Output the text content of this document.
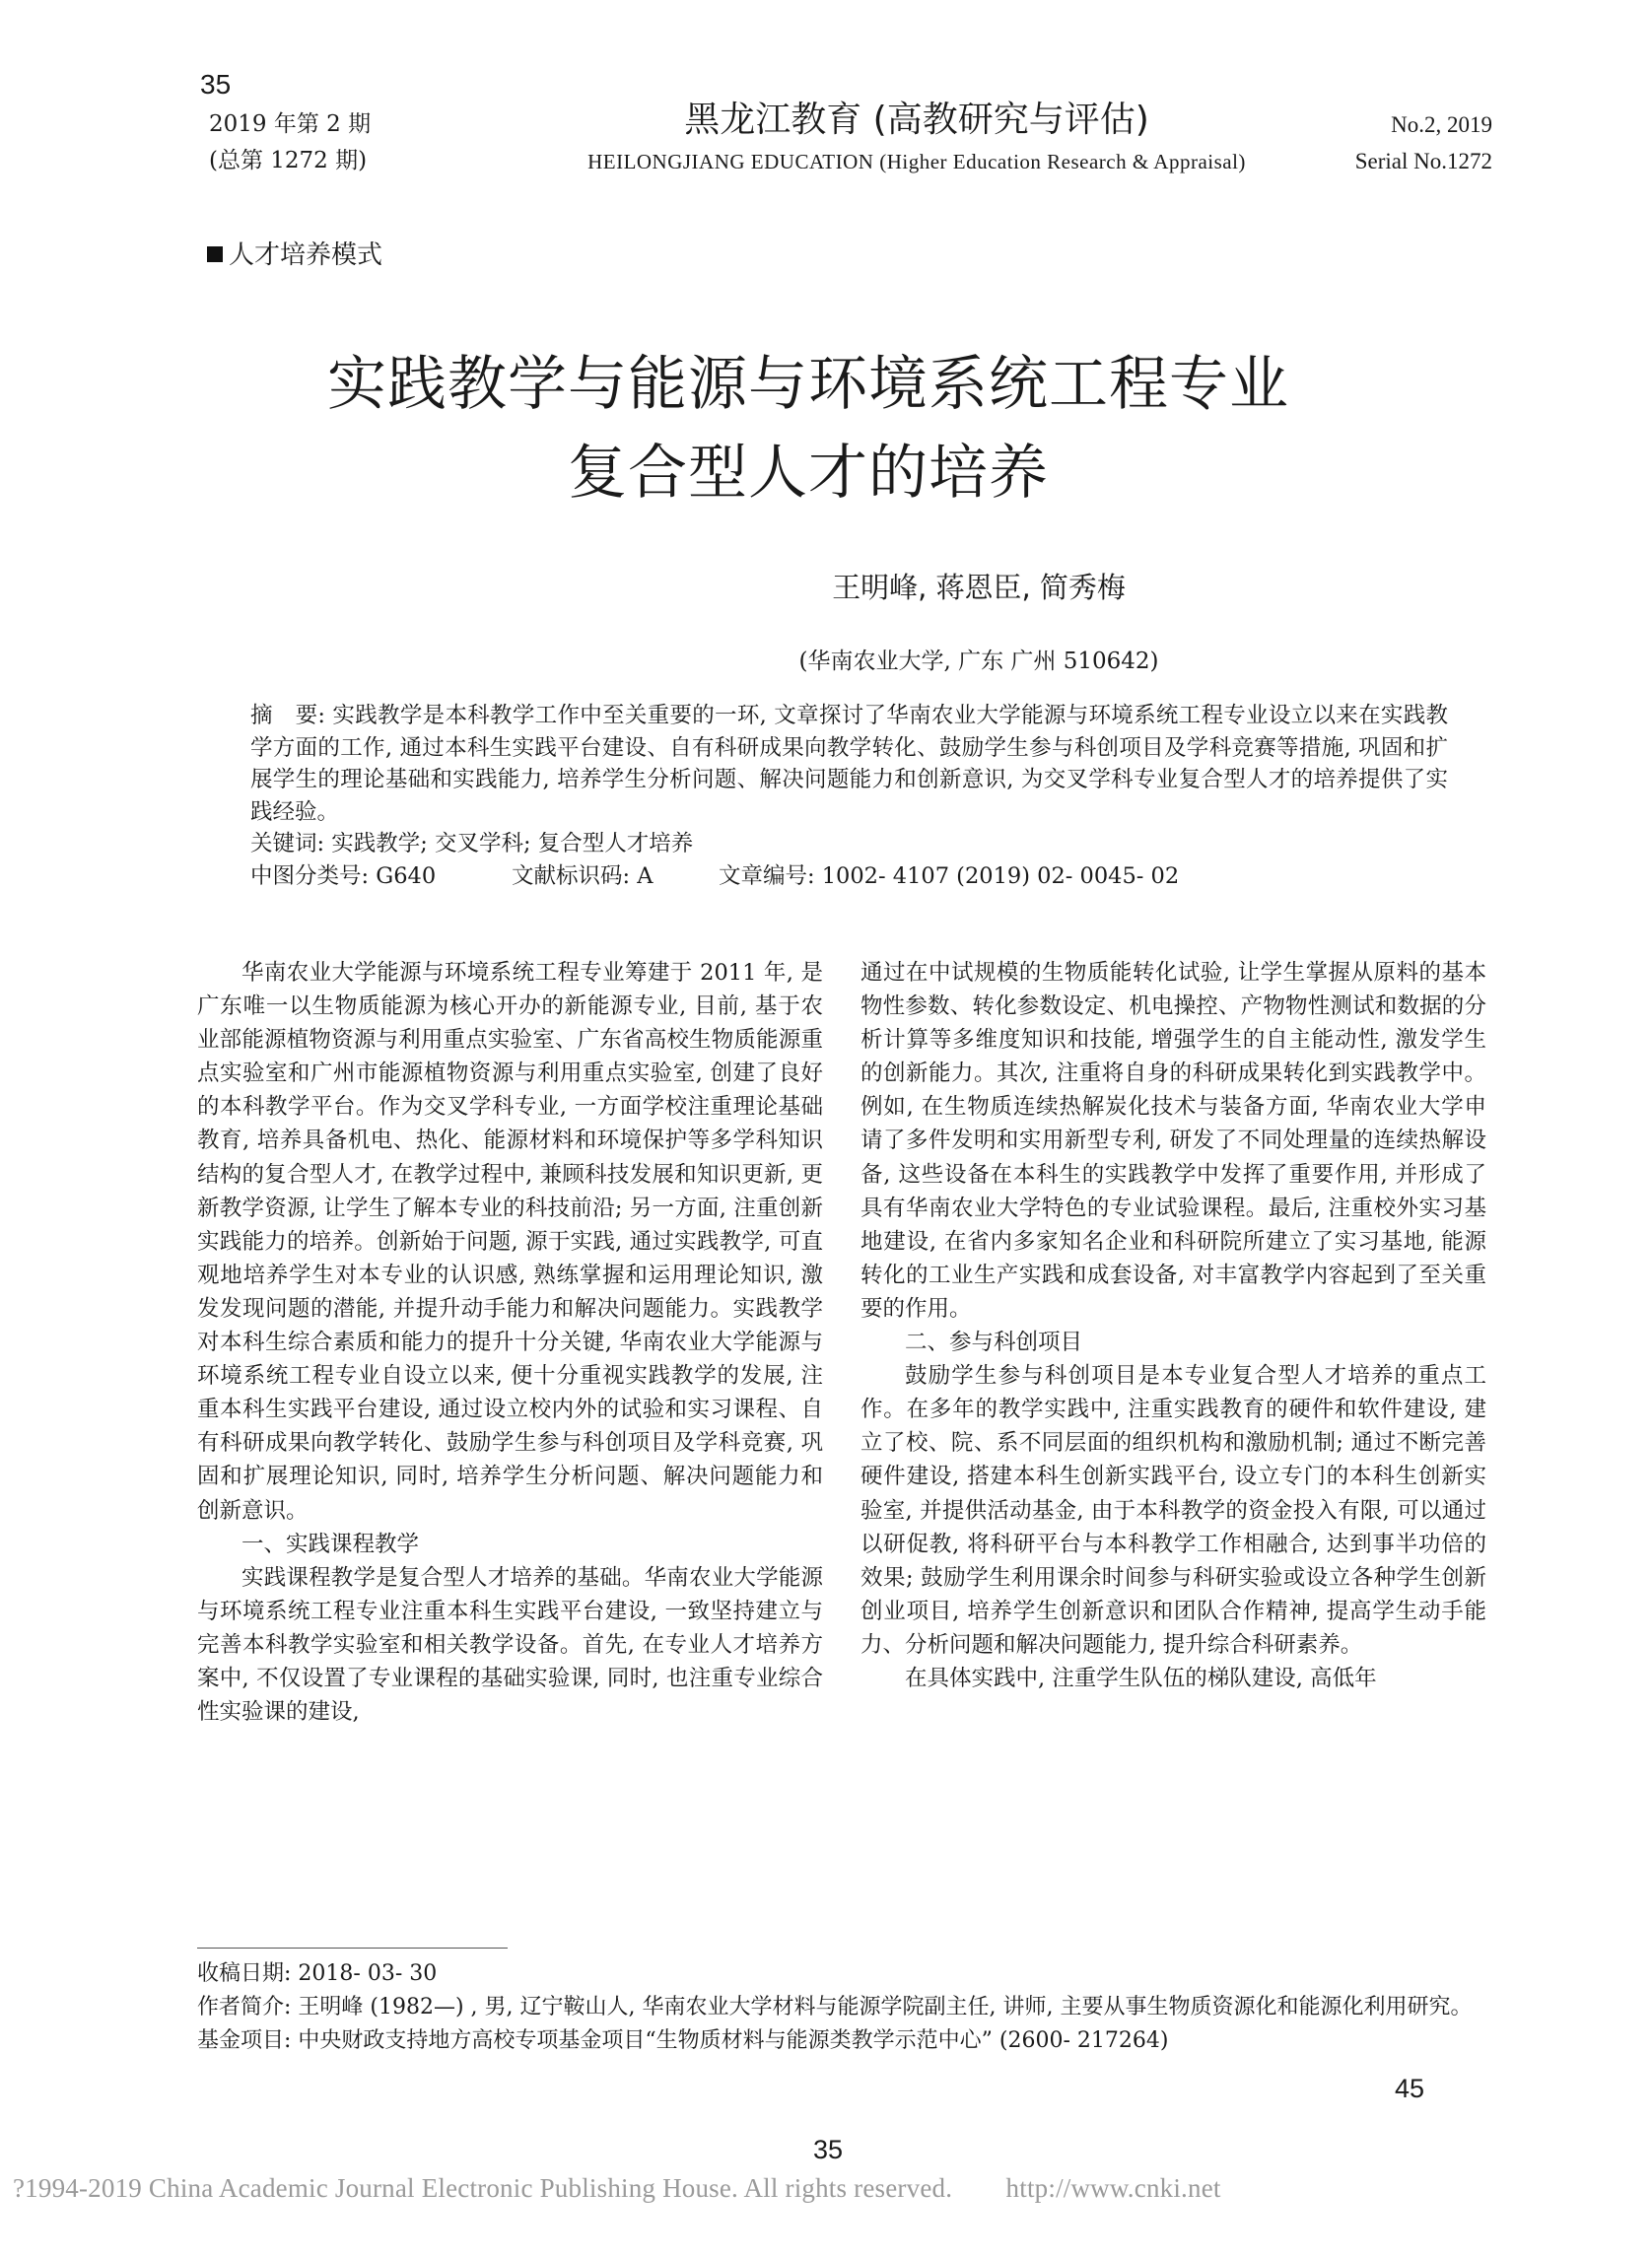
35
2019 年第 2 期
(总第 1272 期)
黑龙江教育 (高教研究与评估)
HEILONGJIANG EDUCATION (Higher Education Research & Appraisal)
No.2, 2019
Serial No.1272
人才培养模式
实践教学与能源与环境系统工程专业
复合型人才的培养
王明峰, 蒋恩臣, 简秀梅
(华南农业大学, 广东 广州 510642)

摘　要: 实践教学是本科教学工作中至关重要的一环, 文章探讨了华南农业大学能源与环境系统工程专业设立以来在实践教学方面的工作, 通过本科生实践平台建设、自有科研成果向教学转化、鼓励学生参与科创项目及学科竞赛等措施, 巩固和扩展学生的理论基础和实践能力, 培养学生分析问题、解决问题能力和创新意识, 为交叉学科专业复合型人才的培养提供了实践经验。

关键词: 实践教学; 交叉学科; 复合型人才培养

中图分类号: G640	文献标识码: A	文章编号: 1002- 4107 (2019) 02- 0045- 02

华南农业大学能源与环境系统工程专业筹建于 2011 年, 是广东唯一以生物质能源为核心开办的新能源专业, 目前, 基于农业部能源植物资源与利用重点实验室、广东省高校生物质能源重点实验室和广州市能源植物资源与利用重点实验室, 创建了良好的本科教学平台。作为交叉学科专业, 一方面学校注重理论基础教育, 培养具备机电、热化、能源材料和环境保护等多学科知识结构的复合型人才, 在教学过程中, 兼顾科技发展和知识更新, 更新教学资源, 让学生了解本专业的科技前沿; 另一方面, 注重创新实践能力的培养。创新始于问题, 源于实践, 通过实践教学, 可直观地培养学生对本专业的认识感, 熟练掌握和运用理论知识, 激发发现问题的潜能, 并提升动手能力和解决问题能力。实践教学对本科生综合素质和能力的提升十分关键, 华南农业大学能源与环境系统工程专业自设立以来, 便十分重视实践教学的发展, 注重本科生实践平台建设, 通过设立校内外的试验和实习课程、自有科研成果向教学转化、鼓励学生参与科创项目及学科竞赛, 巩固和扩展理论知识, 同时, 培养学生分析问题、解决问题能力和创新意识。

一、实践课程教学

实践课程教学是复合型人才培养的基础。华南农业大学能源与环境系统工程专业注重本科生实践平台建设, 一致坚持建立与完善本科教学实验室和相关教学设备。首先, 在专业人才培养方案中, 不仅设置了专业课程的基础实验课, 同时, 也注重专业综合性实验课的建设,

通过在中试规模的生物质能转化试验, 让学生掌握从原料的基本物性参数、转化参数设定、机电操控、产物物性测试和数据的分析计算等多维度知识和技能, 增强学生的自主能动性, 激发学生的创新能力。其次, 注重将自身的科研成果转化到实践教学中。例如, 在生物质连续热解炭化技术与装备方面, 华南农业大学申请了多件发明和实用新型专利, 研发了不同处理量的连续热解设备, 这些设备在本科生的实践教学中发挥了重要作用, 并形成了具有华南农业大学特色的专业试验课程。最后, 注重校外实习基地建设, 在省内多家知名企业和科研院所建立了实习基地, 能源转化的工业生产实践和成套设备, 对丰富教学内容起到了至关重要的作用。

二、参与科创项目

鼓励学生参与科创项目是本专业复合型人才培养的重点工作。在多年的教学实践中, 注重实践教育的硬件和软件建设, 建立了校、院、系不同层面的组织机构和激励机制; 通过不断完善硬件建设, 搭建本科生创新实践平台, 设立专门的本科生创新实验室, 并提供活动基金, 由于本科教学的资金投入有限, 可以通过以研促教, 将科研平台与本科教学工作相融合, 达到事半功倍的效果; 鼓励学生利用课余时间参与科研实验或设立各种学生创新创业项目, 培养学生创新意识和团队合作精神, 提高学生动手能力、分析问题和解决问题能力, 提升综合科研素养。

在具体实践中, 注重学生队伍的梯队建设, 高低年

收稿日期: 2018- 03- 30

作者简介: 王明峰 (1982—) , 男, 辽宁鞍山人, 华南农业大学材料与能源学院副主任, 讲师, 主要从事生物质资源化和能源化利用研究。

基金项目: 中央财政支持地方高校专项基金项目“生物质材料与能源类教学示范中心” (2600- 217264)

45
35
?1994-2019 China Academic Journal Electronic Publishing House. All rights reserved.　　http://www.cnki.net
